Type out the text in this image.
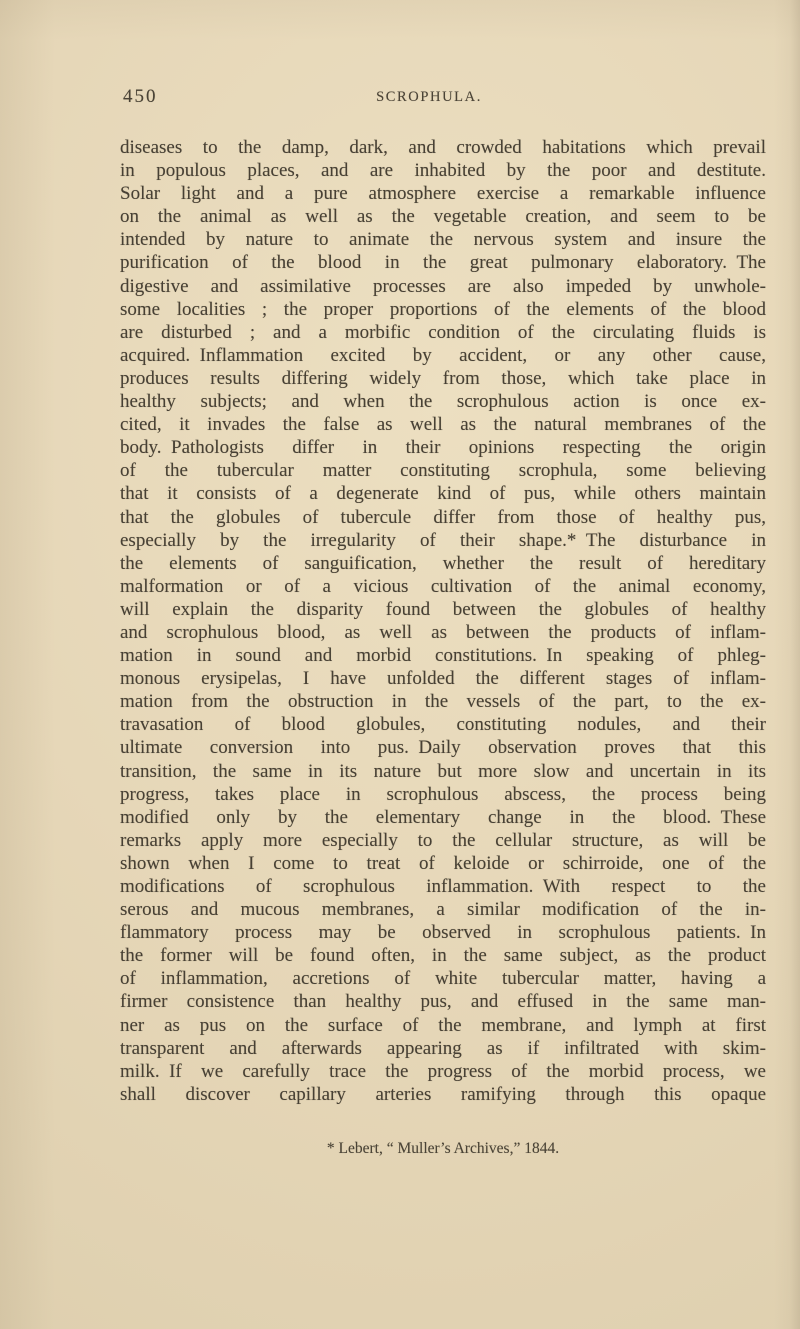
450	SCROPHULA.
diseases to the damp, dark, and crowded habitations which prevail
in populous places, and are inhabited by the poor and destitute.
Solar light and a pure atmosphere exercise a remarkable influence
on the animal as well as the vegetable creation, and seem to be
intended by nature to animate the nervous system and insure the
purification of the blood in the great pulmonary elaboratory. The
digestive and assimilative processes are also impeded by unwhole-
some localities ; the proper proportions of the elements of the blood
are disturbed ; and a morbific condition of the circulating fluids is
acquired. Inflammation excited by accident, or any other cause,
produces results differing widely from those, which take place in
healthy subjects; and when the scrophulous action is once ex-
cited, it invades the false as well as the natural membranes of the
body. Pathologists differ in their opinions respecting the origin
of the tubercular matter constituting scrophula, some believing
that it consists of a degenerate kind of pus, while others maintain
that the globules of tubercule differ from those of healthy pus,
especially by the irregularity of their shape.* The disturbance in
the elements of sanguification, whether the result of hereditary
malformation or of a vicious cultivation of the animal economy,
will explain the disparity found between the globules of healthy
and scrophulous blood, as well as between the products of inflam-
mation in sound and morbid constitutions. In speaking of phleg-
monous erysipelas, I have unfolded the different stages of inflam-
mation from the obstruction in the vessels of the part, to the ex-
travasation of blood globules, constituting nodules, and their
ultimate conversion into pus. Daily observation proves that this
transition, the same in its nature but more slow and uncertain in its
progress, takes place in scrophulous abscess, the process being
modified only by the elementary change in the blood. These
remarks apply more especially to the cellular structure, as will be
shown when I come to treat of keloide or schirroide, one of the
modifications of scrophulous inflammation. With respect to the
serous and mucous membranes, a similar modification of the in-
flammatory process may be observed in scrophulous patients. In
the former will be found often, in the same subject, as the product
of inflammation, accretions of white tubercular matter, having a
firmer consistence than healthy pus, and effused in the same man-
ner as pus on the surface of the membrane, and lymph at first
transparent and afterwards appearing as if infiltrated with skim-
milk. If we carefully trace the progress of the morbid process, we
shall discover capillary arteries ramifying through this opaque
* Lebert, “ Muller’s Archives,” 1844.
